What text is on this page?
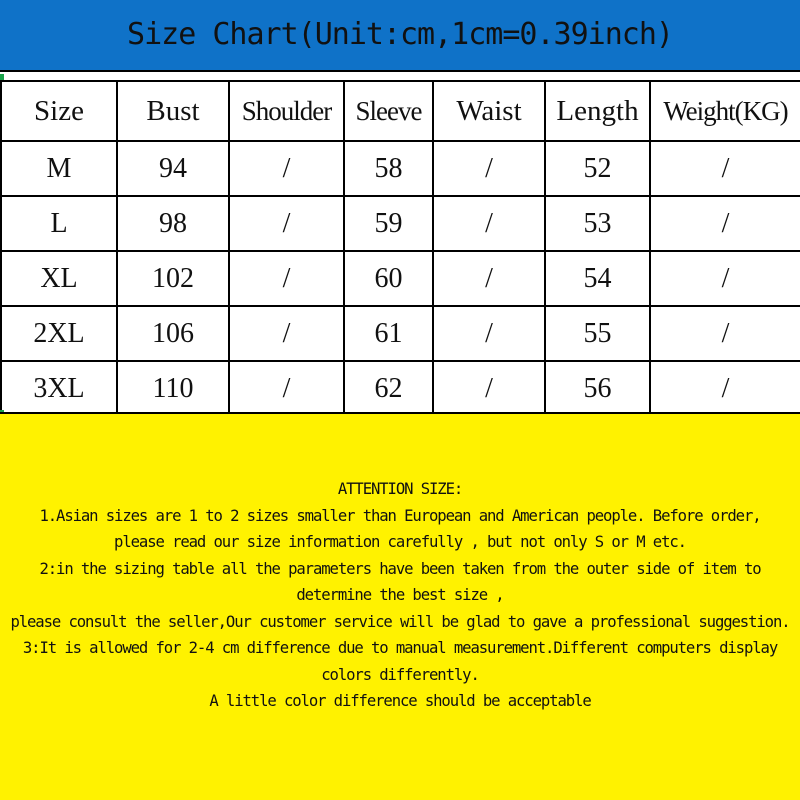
Size Chart(Unit:cm,1cm=0.39inch)
Size	Bust	Shoulder	Sleeve	Waist	Length	Weight(KG)
M	94	/	58	/	52	/
L	98	/	59	/	53	/
XL	102	/	60	/	54	/
2XL	106	/	61	/	55	/
3XL	110	/	62	/	56	/
ATTENTION SIZE:
1.Asian sizes are 1 to 2 sizes smaller than European and American people. Before order,
please read our size information carefully , but not only S or M etc.
2:in the sizing table all the parameters have been taken from the outer side of item to
determine the best size ,
please consult the seller,Our customer service will be glad to gave a professional suggestion.
3:It is allowed for 2-4 cm difference due to manual measurement.Different computers display
colors differently.
A little color difference should be acceptable
